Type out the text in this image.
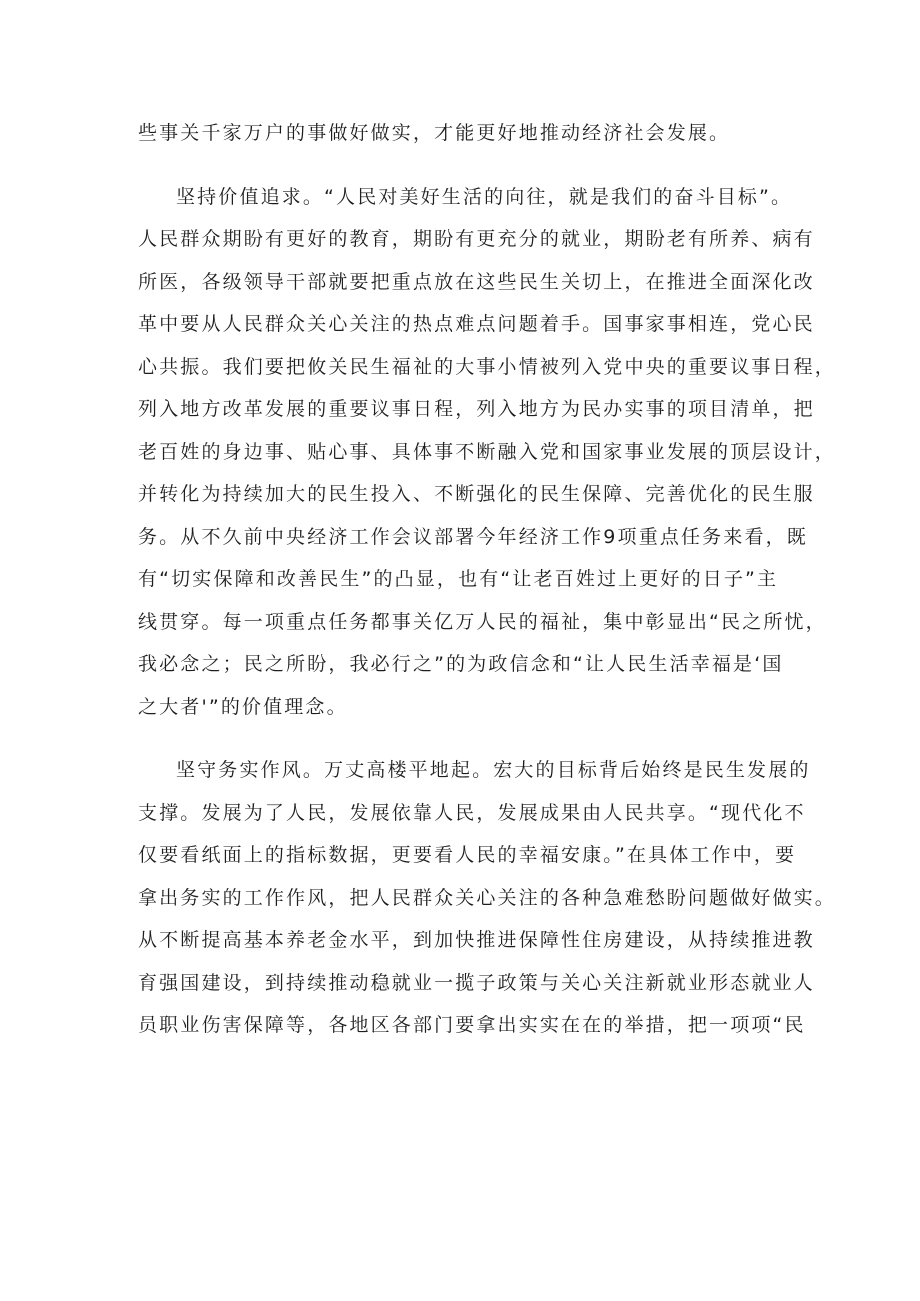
些事关千家万户的事做好做实，才能更好地推动经济社会发展。

坚持价值追求。“人民对美好生活的向往，就是我们的奋斗目标”。
人民群众期盼有更好的教育，期盼有更充分的就业，期盼老有所养、病有
所医，各级领导干部就要把重点放在这些民生关切上，在推进全面深化改
革中要从人民群众关心关注的热点难点问题着手。国事家事相连，党心民
心共振。我们要把攸关民生福祉的大事小情被列入党中央的重要议事日程，
列入地方改革发展的重要议事日程，列入地方为民办实事的项目清单，把
老百姓的身边事、贴心事、具体事不断融入党和国家事业发展的顶层设计，
并转化为持续加大的民生投入、不断强化的民生保障、完善优化的民生服
务。从不久前中央经济工作会议部署今年经济工作9项重点任务来看，既
有“切实保障和改善民生”的凸显，也有“让老百姓过上更好的日子”主
线贯穿。每一项重点任务都事关亿万人民的福祉，集中彰显出“民之所忧，
我必念之；民之所盼，我必行之”的为政信念和“让人民生活幸福是‘国
之大者'”的价值理念。

坚守务实作风。万丈高楼平地起。宏大的目标背后始终是民生发展的
支撑。发展为了人民，发展依靠人民，发展成果由人民共享。“现代化不
仅要看纸面上的指标数据，更要看人民的幸福安康。”在具体工作中，要
拿出务实的工作作风，把人民群众关心关注的各种急难愁盼问题做好做实。
从不断提高基本养老金水平，到加快推进保障性住房建设，从持续推进教
育强国建设，到持续推动稳就业一揽子政策与关心关注新就业形态就业人
员职业伤害保障等，各地区各部门要拿出实实在在的举措，把一项项“民
